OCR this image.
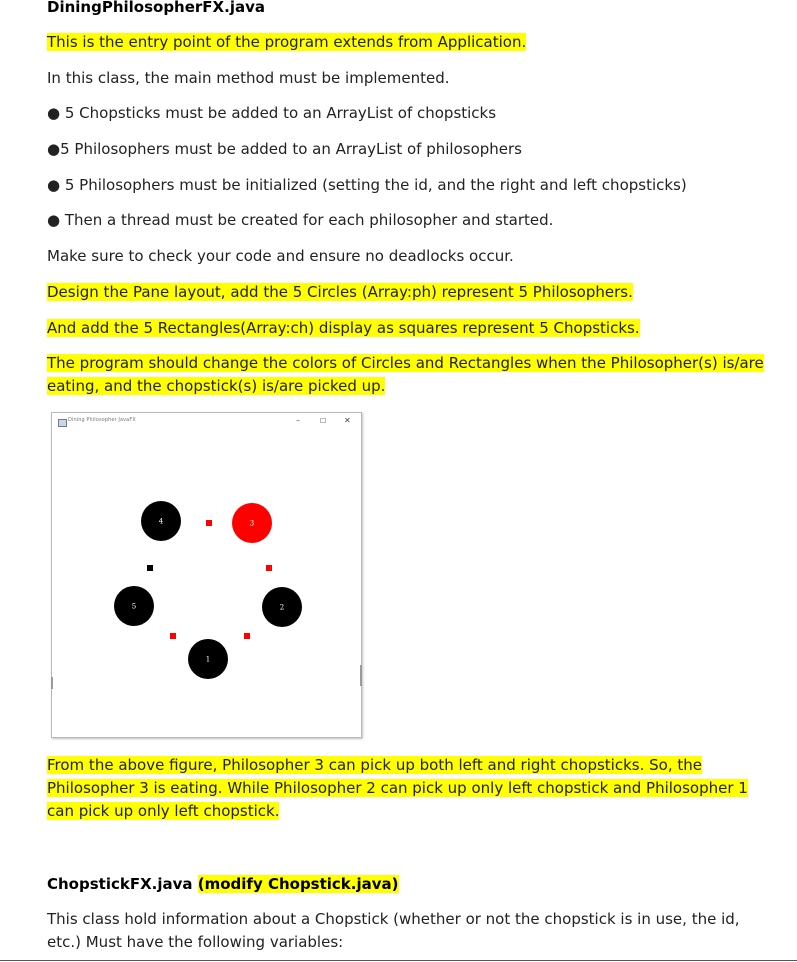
DiningPhilosopherFX.java
This is the entry point of the program extends from Application.
In this class, the main method must be implemented.
● 5 Chopsticks must be added to an ArrayList of chopsticks
●5 Philosophers must be added to an ArrayList of philosophers
● 5 Philosophers must be initialized (setting the id, and the right and left chopsticks)
● Then a thread must be created for each philosopher and started.
Make sure to check your code and ensure no deadlocks occur.
Design the Pane layout, add the 5 Circles (Array:ph) represent 5 Philosophers.
And add the 5 Rectangles(Array:ch) display as squares represent 5 Chopsticks.
The program should change the colors of Circles and Rectangles when the Philosopher(s) is/are
eating, and the chopstick(s) is/are picked up.
Dining Philosopher JavaFX	–	☐ ✕
1
2
3
4
5
From the above figure, Philosopher 3 can pick up both left and right chopsticks. So, the
Philosopher 3 is eating. While Philosopher 2 can pick up only left chopstick and Philosopher 1
can pick up only left chopstick.
ChopstickFX.java (modify Chopstick.java)
This class hold information about a Chopstick (whether or not the chopstick is in use, the id,
etc.) Must have the following variables:
